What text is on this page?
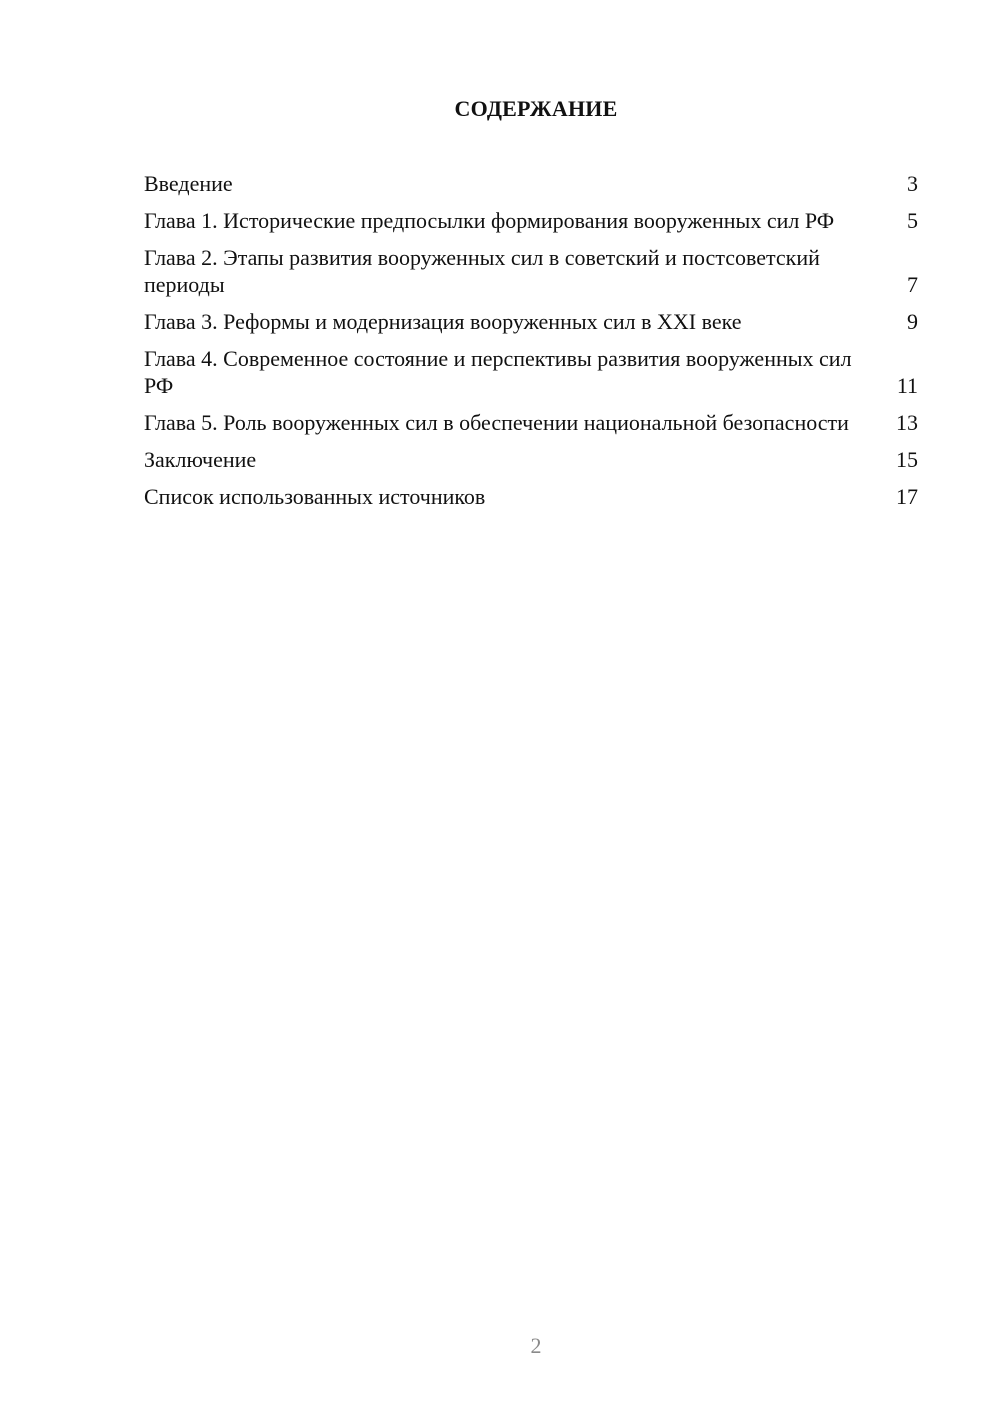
СОДЕРЖАНИЕ
Введение	3
Глава 1. Исторические предпосылки формирования вооруженных сил РФ	5
Глава 2. Этапы развития вооруженных сил в советский и постсоветский периоды	7
Глава 3. Реформы и модернизация вооруженных сил в XXI веке	9
Глава 4. Современное состояние и перспективы развития вооруженных сил РФ	11
Глава 5. Роль вооруженных сил в обеспечении национальной безопасности	13
Заключение	15
Список использованных источников	17
2
